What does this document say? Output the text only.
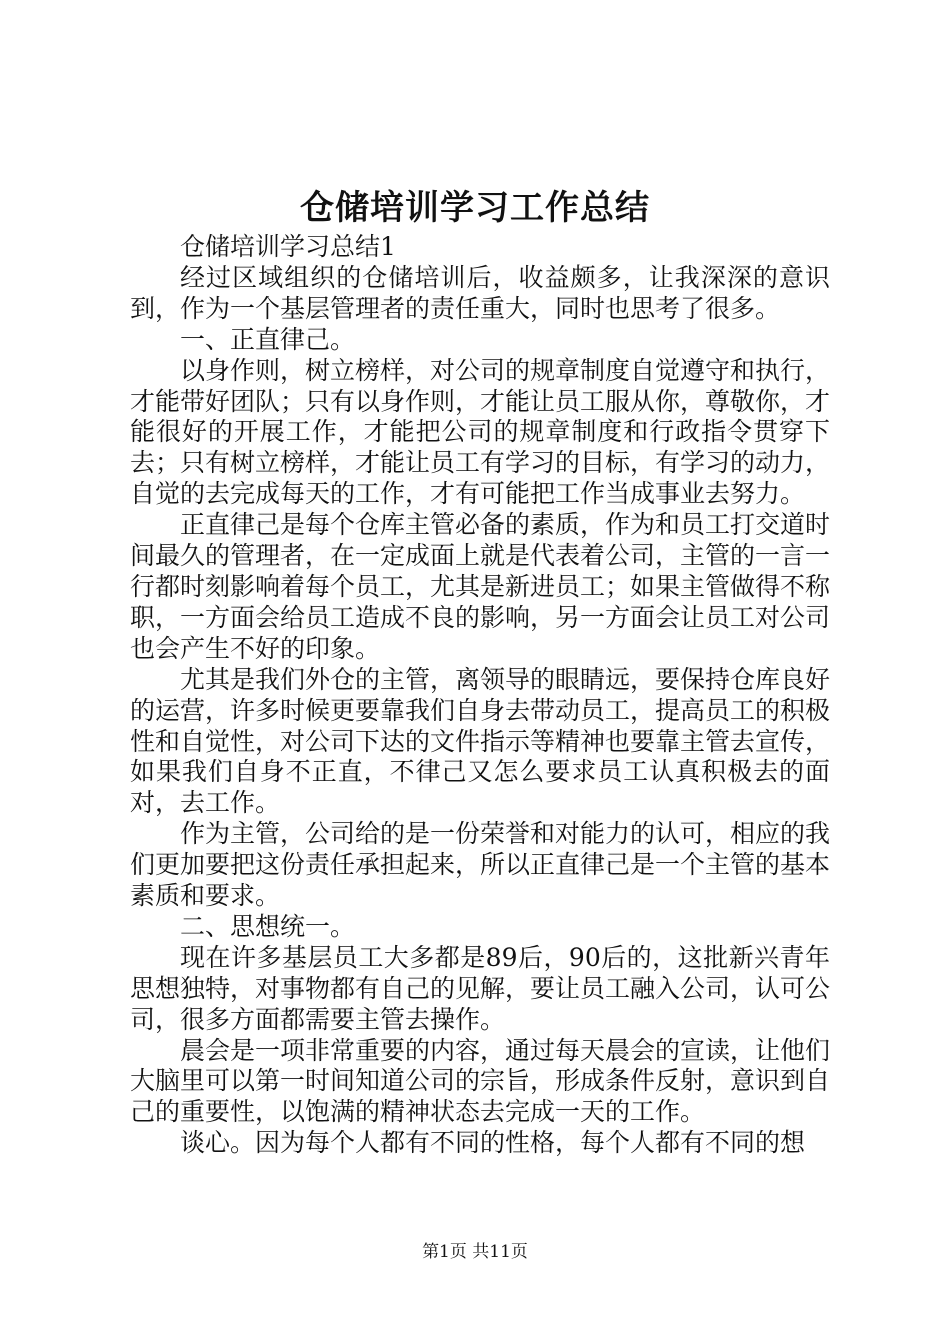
仓储培训学习工作总结

仓储培训学习总结1

经过区域组织的仓储培训后，收益颇多，让我深深的意识到，作为一个基层管理者的责任重大，同时也思考了很多。

一、正直律己。

以身作则，树立榜样，对公司的规章制度自觉遵守和执行，才能带好团队；只有以身作则，才能让员工服从你，尊敬你，才能很好的开展工作，才能把公司的规章制度和行政指令贯穿下去；只有树立榜样，才能让员工有学习的目标，有学习的动力，自觉的去完成每天的工作，才有可能把工作当成事业去努力。

正直律己是每个仓库主管必备的素质，作为和员工打交道时间最久的管理者，在一定成面上就是代表着公司，主管的一言一行都时刻影响着每个员工，尤其是新进员工；如果主管做得不称职，一方面会给员工造成不良的影响，另一方面会让员工对公司也会产生不好的印象。

尤其是我们外仓的主管，离领导的眼睛远，要保持仓库良好的运营，许多时候更要靠我们自身去带动员工，提高员工的积极性和自觉性，对公司下达的文件指示等精神也要靠主管去宣传，如果我们自身不正直，不律己又怎么要求员工认真积极去的面对，去工作。

作为主管，公司给的是一份荣誉和对能力的认可，相应的我们更加要把这份责任承担起来，所以正直律己是一个主管的基本素质和要求。

二、思想统一。

现在许多基层员工大多都是89后，90后的，这批新兴青年思想独特，对事物都有自己的见解，要让员工融入公司，认可公司，很多方面都需要主管去操作。

晨会是一项非常重要的内容，通过每天晨会的宣读，让他们大脑里可以第一时间知道公司的宗旨，形成条件反射，意识到自己的重要性，以饱满的精神状态去完成一天的工作。

谈心。因为每个人都有不同的性格，每个人都有不同的想

第1页 共11页
